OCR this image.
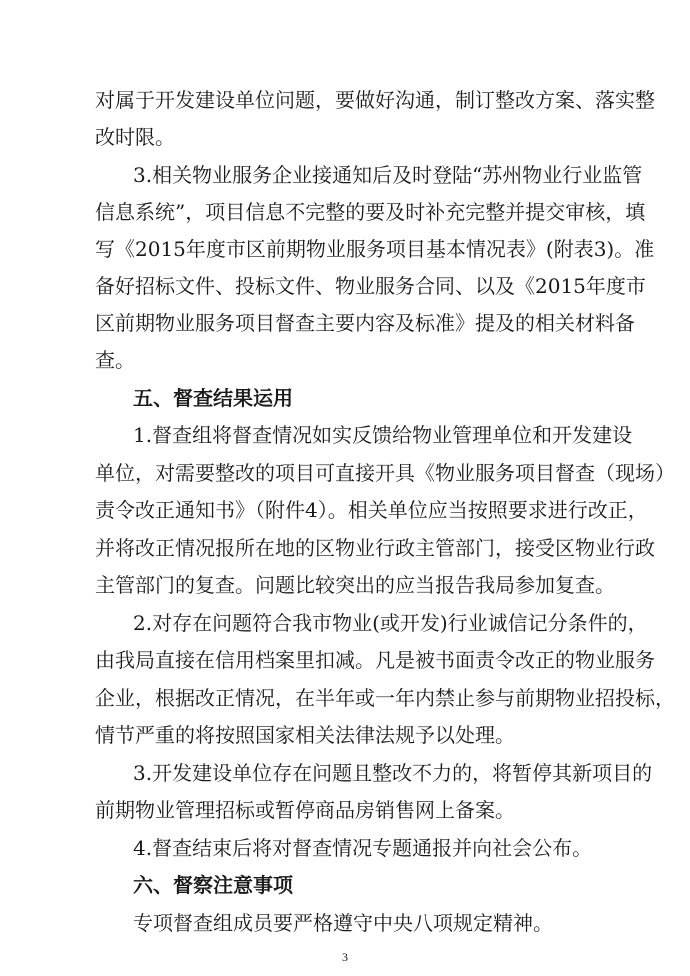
对属于开发建设单位问题，要做好沟通，制订整改方案、落实整
改时限。
3.相关物业服务企业接通知后及时登陆“苏州物业行业监管
信息系统”，项目信息不完整的要及时补充完整并提交审核，填
写《2015年度市区前期物业服务项目基本情况表》(附表3)。准
备好招标文件、投标文件、物业服务合同、以及《2015年度市
区前期物业服务项目督查主要内容及标准》提及的相关材料备
查。
五、督查结果运用
1.督查组将督查情况如实反馈给物业管理单位和开发建设
单位，对需要整改的项目可直接开具《物业服务项目督查（现场）
责令改正通知书》（附件4）。相关单位应当按照要求进行改正，
并将改正情况报所在地的区物业行政主管部门，接受区物业行政
主管部门的复查。问题比较突出的应当报告我局参加复查。
2.对存在问题符合我市物业(或开发)行业诚信记分条件的，
由我局直接在信用档案里扣减。凡是被书面责令改正的物业服务
企业，根据改正情况，在半年或一年内禁止参与前期物业招投标，
情节严重的将按照国家相关法律法规予以处理。
3.开发建设单位存在问题且整改不力的，将暂停其新项目的
前期物业管理招标或暂停商品房销售网上备案。
4.督查结束后将对督查情况专题通报并向社会公布。
六、督察注意事项
专项督查组成员要严格遵守中央八项规定精神。
3
